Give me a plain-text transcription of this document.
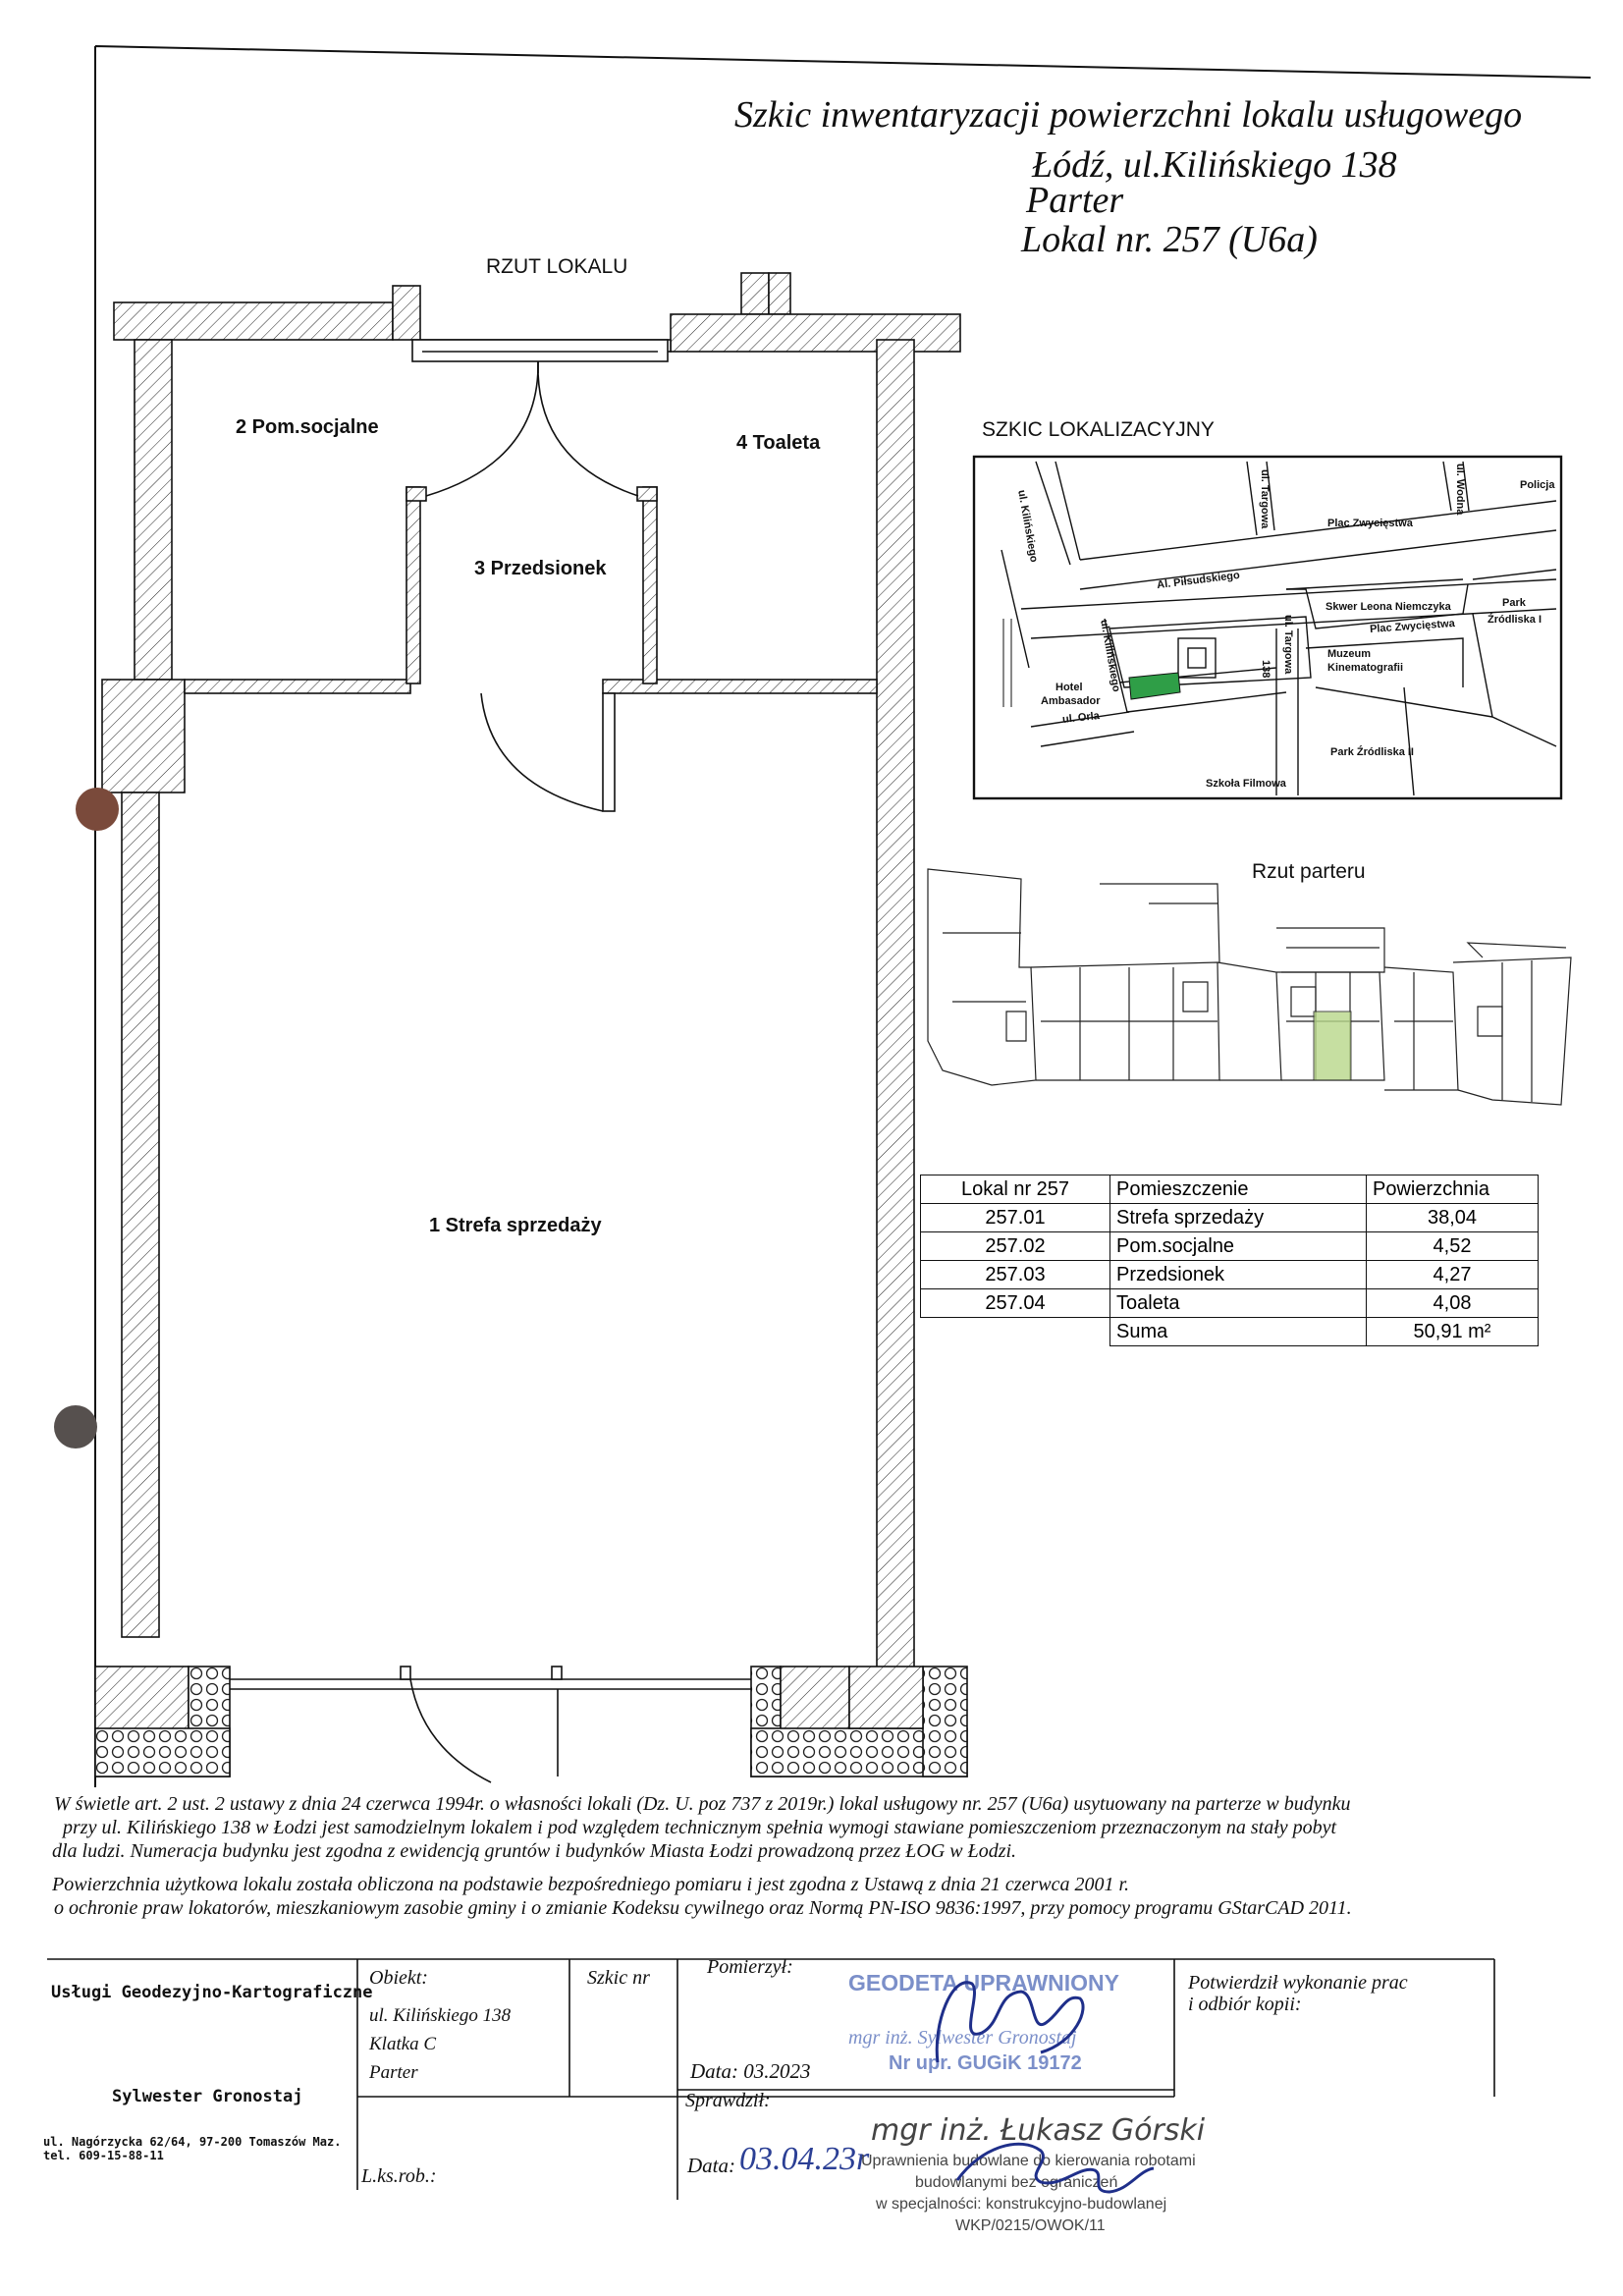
Szkic inwentaryzacji powierzchni lokalu usługowego
Łódź, ul.Kilińskiego 138
Parter
Lokal nr. 257 (U6a)
RZUT LOKALU
2 Pom.socjalne
4 Toaleta
3 Przedsionek
1 Strefa sprzedaży
SZKIC LOKALIZACYJNY
Policja
Plac Zwycięstwa
Al. Piłsudskiego
Skwer Leona Niemczyka	Park
Źródliska I
Plac Zwycięstwa
Muzeum
Kinematografii
Hotel
Ambasador
ul. Orla
Park Źródliska II
Szkoła Filmowa
ul. Kilińskiego
ul. Kilińskiego
ul. Targowa
ul. Targowa
ul. Wodna
138
Rzut parteru
Lokal nr 257	Pomieszczenie	Powierzchnia
257.01	Strefa sprzedaży	38,04
257.02	Pom.socjalne	4,52
257.03	Przedsionek	4,27
257.04	Toaleta	4,08
	Suma	50,91 m²
W świetle art. 2 ust. 2 ustawy z dnia 24 czerwca 1994r. o własności lokali (Dz. U. poz 737 z 2019r.) lokal usługowy nr. 257 (U6a) usytuowany na parterze w budynku
przy ul. Kilińskiego 138 w Łodzi jest samodzielnym lokalem i pod względem technicznym spełnia wymogi stawiane pomieszczeniom przeznaczonym na stały pobyt
dla ludzi. Numeracja budynku jest zgodna z ewidencją gruntów i budynków Miasta Łodzi prowadzoną przez ŁOG w Łodzi.
Powierzchnia użytkowa lokalu została obliczona na podstawie bezpośredniego pomiaru i jest zgodna z Ustawą z dnia 21 czerwca 2001 r.
o ochronie praw lokatorów, mieszkaniowym zasobie gminy i o zmianie Kodeksu cywilnego oraz Normą PN-ISO 9836:1997, przy pomocy programu GStarCAD 2011.
Usługi Geodezyjno-Kartograficzne
Sylwester Gronostaj
ul. Nagórzycka 62/64, 97-200 Tomaszów Maz.
tel. 609-15-88-11
Obiekt:
ul. Kilińskiego 138
Klatka C
Parter
L.ks.rob.:
Szkic nr	Pomierzył:
Data: 03.2023
Sprawdził:
Data: 03.04.23r
Potwierdził wykonanie prac
i odbiór kopii:
GEODETA UPRAWNIONY
mgr inż. Sylwester Gronostaj
Nr upr. GUGiK 19172
mgr inż. Łukasz Górski
Uprawnienia budowlane do kierowania robotami
budowlanymi bez ograniczeń
w specjalności: konstrukcyjno-budowlanej
WKP/0215/OWOK/11
